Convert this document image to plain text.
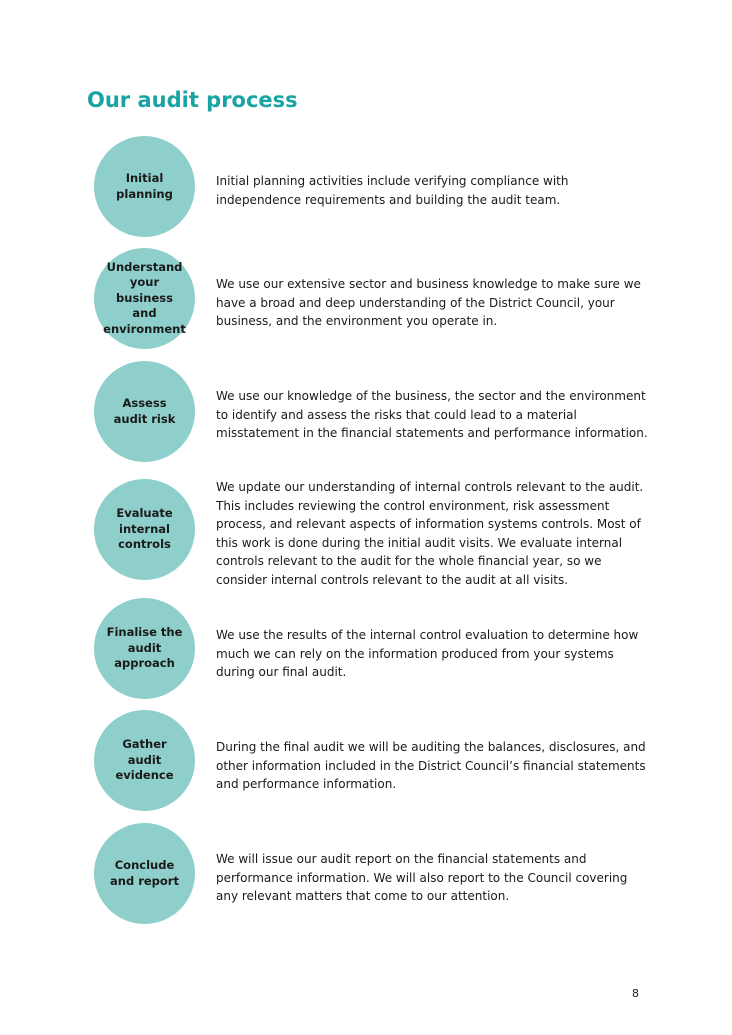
Our audit process
Initial
planning

Initial planning activities include verifying compliance with independence requirements and building the audit team.

Understand
your business
and
environment

We use our extensive sector and business knowledge to make sure we have a broad and deep understanding of the District Council, your business, and the environment you operate in.

Assess
audit risk

We use our knowledge of the business, the sector and the environment to identify and assess the risks that could lead to a material misstatement in the financial statements and performance information.

Evaluate
internal
controls

We update our understanding of internal controls relevant to the audit. This includes reviewing the control environment, risk assessment process, and relevant aspects of information systems controls. Most of this work is done during the initial audit visits. We evaluate internal controls relevant to the audit for the whole financial year, so we consider internal controls relevant to the audit at all visits.

Finalise the
audit approach

We use the results of the internal control evaluation to determine how much we can rely on the information produced from your systems during our final audit.

Gather
audit
evidence

During the final audit we will be auditing the balances, disclosures, and other information included in the District Council’s financial statements and performance information.

Conclude
and report

We will issue our audit report on the financial statements and performance information. We will also report to the Council covering any relevant matters that come to our attention.

8
